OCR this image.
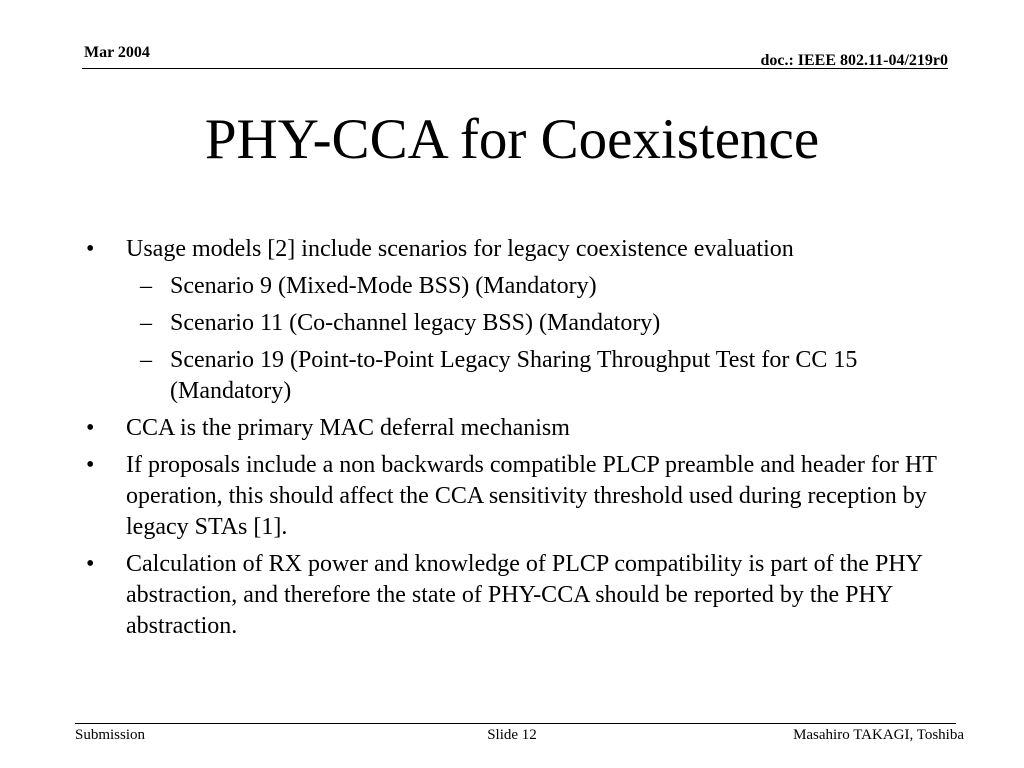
Mar 2004	doc.: IEEE 802.11-04/219r0
PHY-CCA for Coexistence
• Usage models [2] include scenarios for legacy coexistence evaluation
– Scenario 9 (Mixed-Mode BSS) (Mandatory)
– Scenario 11 (Co-channel legacy BSS) (Mandatory)
– Scenario 19 (Point-to-Point Legacy Sharing Throughput Test for CC 15 (Mandatory)
• CCA is the primary MAC deferral mechanism
• If proposals include a non backwards compatible PLCP preamble and header for HT operation, this should affect the CCA sensitivity threshold used during reception by legacy STAs [1].
• Calculation of RX power and knowledge of PLCP compatibility is part of the PHY abstraction, and therefore the state of PHY-CCA should be reported by the PHY abstraction.
Submission	Slide 12	Masahiro TAKAGI, Toshiba
